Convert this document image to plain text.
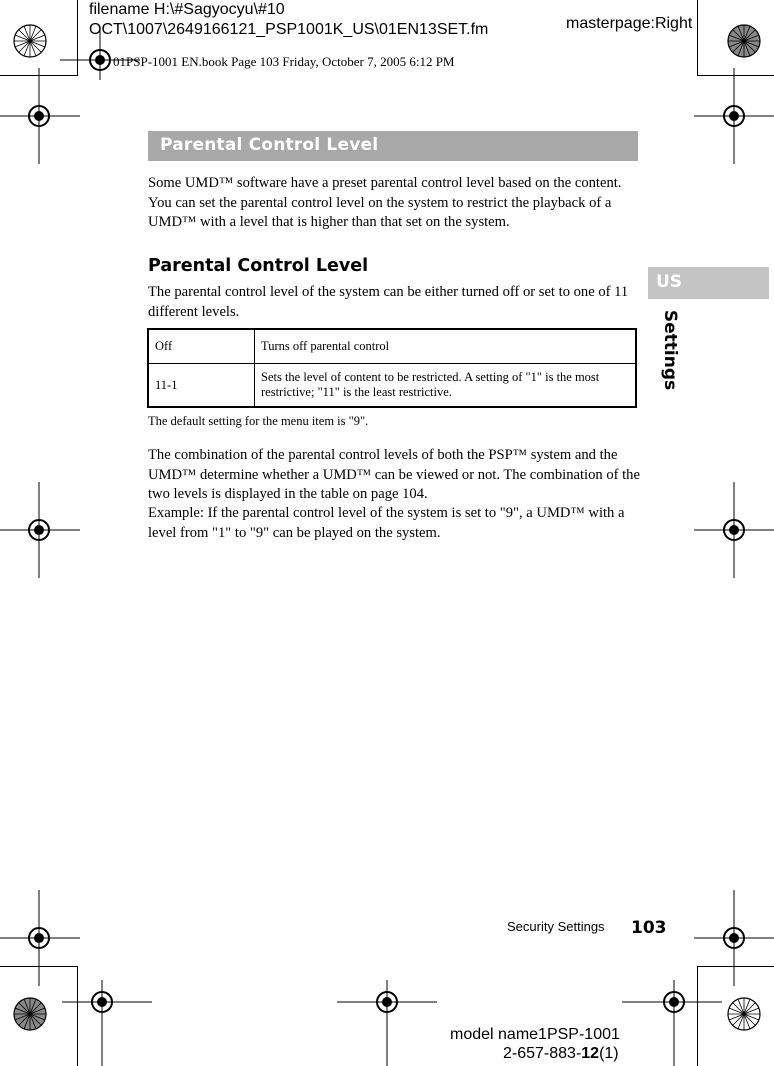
filename H:\#Sagyocyu\#10
OCT\1007\2649166121_PSP1001K_US\01EN13SET.fm	masterpage:Right
01PSP-1001 EN.book Page 103 Friday, October 7, 2005 6:12 PM
Parental Control Level
Some UMD™ software have a preset parental control level based on the content. You can set the parental control level on the system to restrict the playback of a UMD™ with a level that is higher than that set on the system.
Parental Control Level
The parental control level of the system can be either turned off or set to one of 11 different levels.
Off	Turns off parental control
11-1	Sets the level of content to be restricted. A setting of "1" is the most restrictive; "11" is the least restrictive.
The default setting for the menu item is "9".
The combination of the parental control levels of both the PSP™ system and the UMD™ determine whether a UMD™ can be viewed or not. The combination of the two levels is displayed in the table on page 104.
Example: If the parental control level of the system is set to "9", a UMD™ with a level from "1" to "9" can be played on the system.
US
Settings
Security Settings 103
model name1PSP-1001
2-657-883-12(1)
